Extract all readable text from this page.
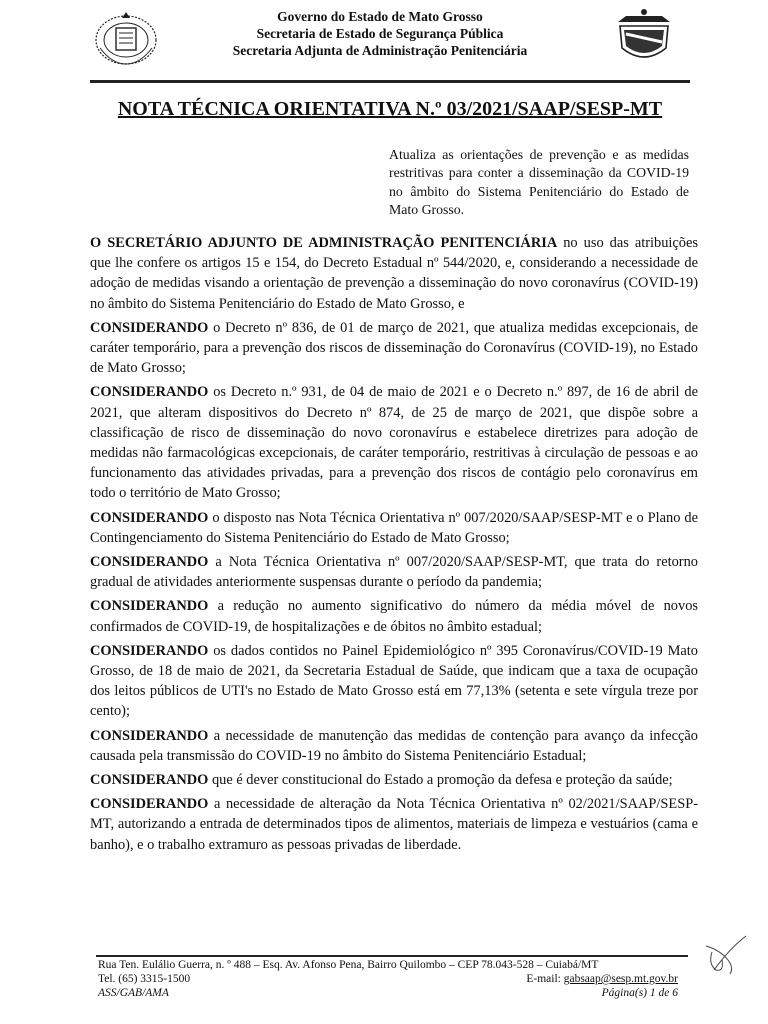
Governo do Estado de Mato Grosso
Secretaria de Estado de Segurança Pública
Secretaria Adjunta de Administração Penitenciária
NOTA TÉCNICA ORIENTATIVA N.º 03/2021/SAAP/SESP-MT
Atualiza as orientações de prevenção e as medidas restritivas para conter a disseminação da COVID-19 no âmbito do Sistema Penitenciário do Estado de Mato Grosso.

O SECRETÁRIO ADJUNTO DE ADMINISTRAÇÃO PENITENCIÁRIA no uso das atribuições que lhe confere os artigos 15 e 154, do Decreto Estadual nº 544/2020, e, considerando a necessidade de adoção de medidas visando a orientação de prevenção a disseminação do novo coronavírus (COVID-19) no âmbito do Sistema Penitenciário do Estado de Mato Grosso, e

CONSIDERANDO o Decreto nº 836, de 01 de março de 2021, que atualiza medidas excepcionais, de caráter temporário, para a prevenção dos riscos de disseminação do Coronavírus (COVID-19), no Estado de Mato Grosso;

CONSIDERANDO os Decreto n.º 931, de 04 de maio de 2021 e o Decreto n.º 897, de 16 de abril de 2021, que alteram dispositivos do Decreto nº 874, de 25 de março de 2021, que dispõe sobre a classificação de risco de disseminação do novo coronavírus e estabelece diretrizes para adoção de medidas não farmacológicas excepcionais, de caráter temporário, restritivas à circulação de pessoas e ao funcionamento das atividades privadas, para a prevenção dos riscos de contágio pelo coronavírus em todo o território de Mato Grosso;

CONSIDERANDO o disposto nas Nota Técnica Orientativa nº 007/2020/SAAP/SESP-MT e o Plano de Contingenciamento do Sistema Penitenciário do Estado de Mato Grosso;

CONSIDERANDO a Nota Técnica Orientativa nº 007/2020/SAAP/SESP-MT, que trata do retorno gradual de atividades anteriormente suspensas durante o período da pandemia;

CONSIDERANDO a redução no aumento significativo do número da média móvel de novos confirmados de COVID-19, de hospitalizações e de óbitos no âmbito estadual;

CONSIDERANDO os dados contidos no Painel Epidemiológico nº 395 Coronavírus/COVID-19 Mato Grosso, de 18 de maio de 2021, da Secretaria Estadual de Saúde, que indicam que a taxa de ocupação dos leitos públicos de UTI's no Estado de Mato Grosso está em 77,13% (setenta e sete vírgula treze por cento);

CONSIDERANDO a necessidade de manutenção das medidas de contenção para avanço da infecção causada pela transmissão do COVID-19 no âmbito do Sistema Penitenciário Estadual;

CONSIDERANDO que é dever constitucional do Estado a promoção da defesa e proteção da saúde;

CONSIDERANDO a necessidade de alteração da Nota Técnica Orientativa nº 02/2021/SAAP/SESP-MT, autorizando a entrada de determinados tipos de alimentos, materiais de limpeza e vestuários (cama e banho), e o trabalho extramuro as pessoas privadas de liberdade.

Rua Ten. Eulálio Guerra, n. º 488 – Esq. Av. Afonso Pena, Bairro Quilombo – CEP 78.043-528 – Cuiabá/MT
Tel. (65) 3315-1500
ASS/GAB/AMA
E-mail: gabsaap@sesp.mt.gov.br
Página(s) 1 de 6
